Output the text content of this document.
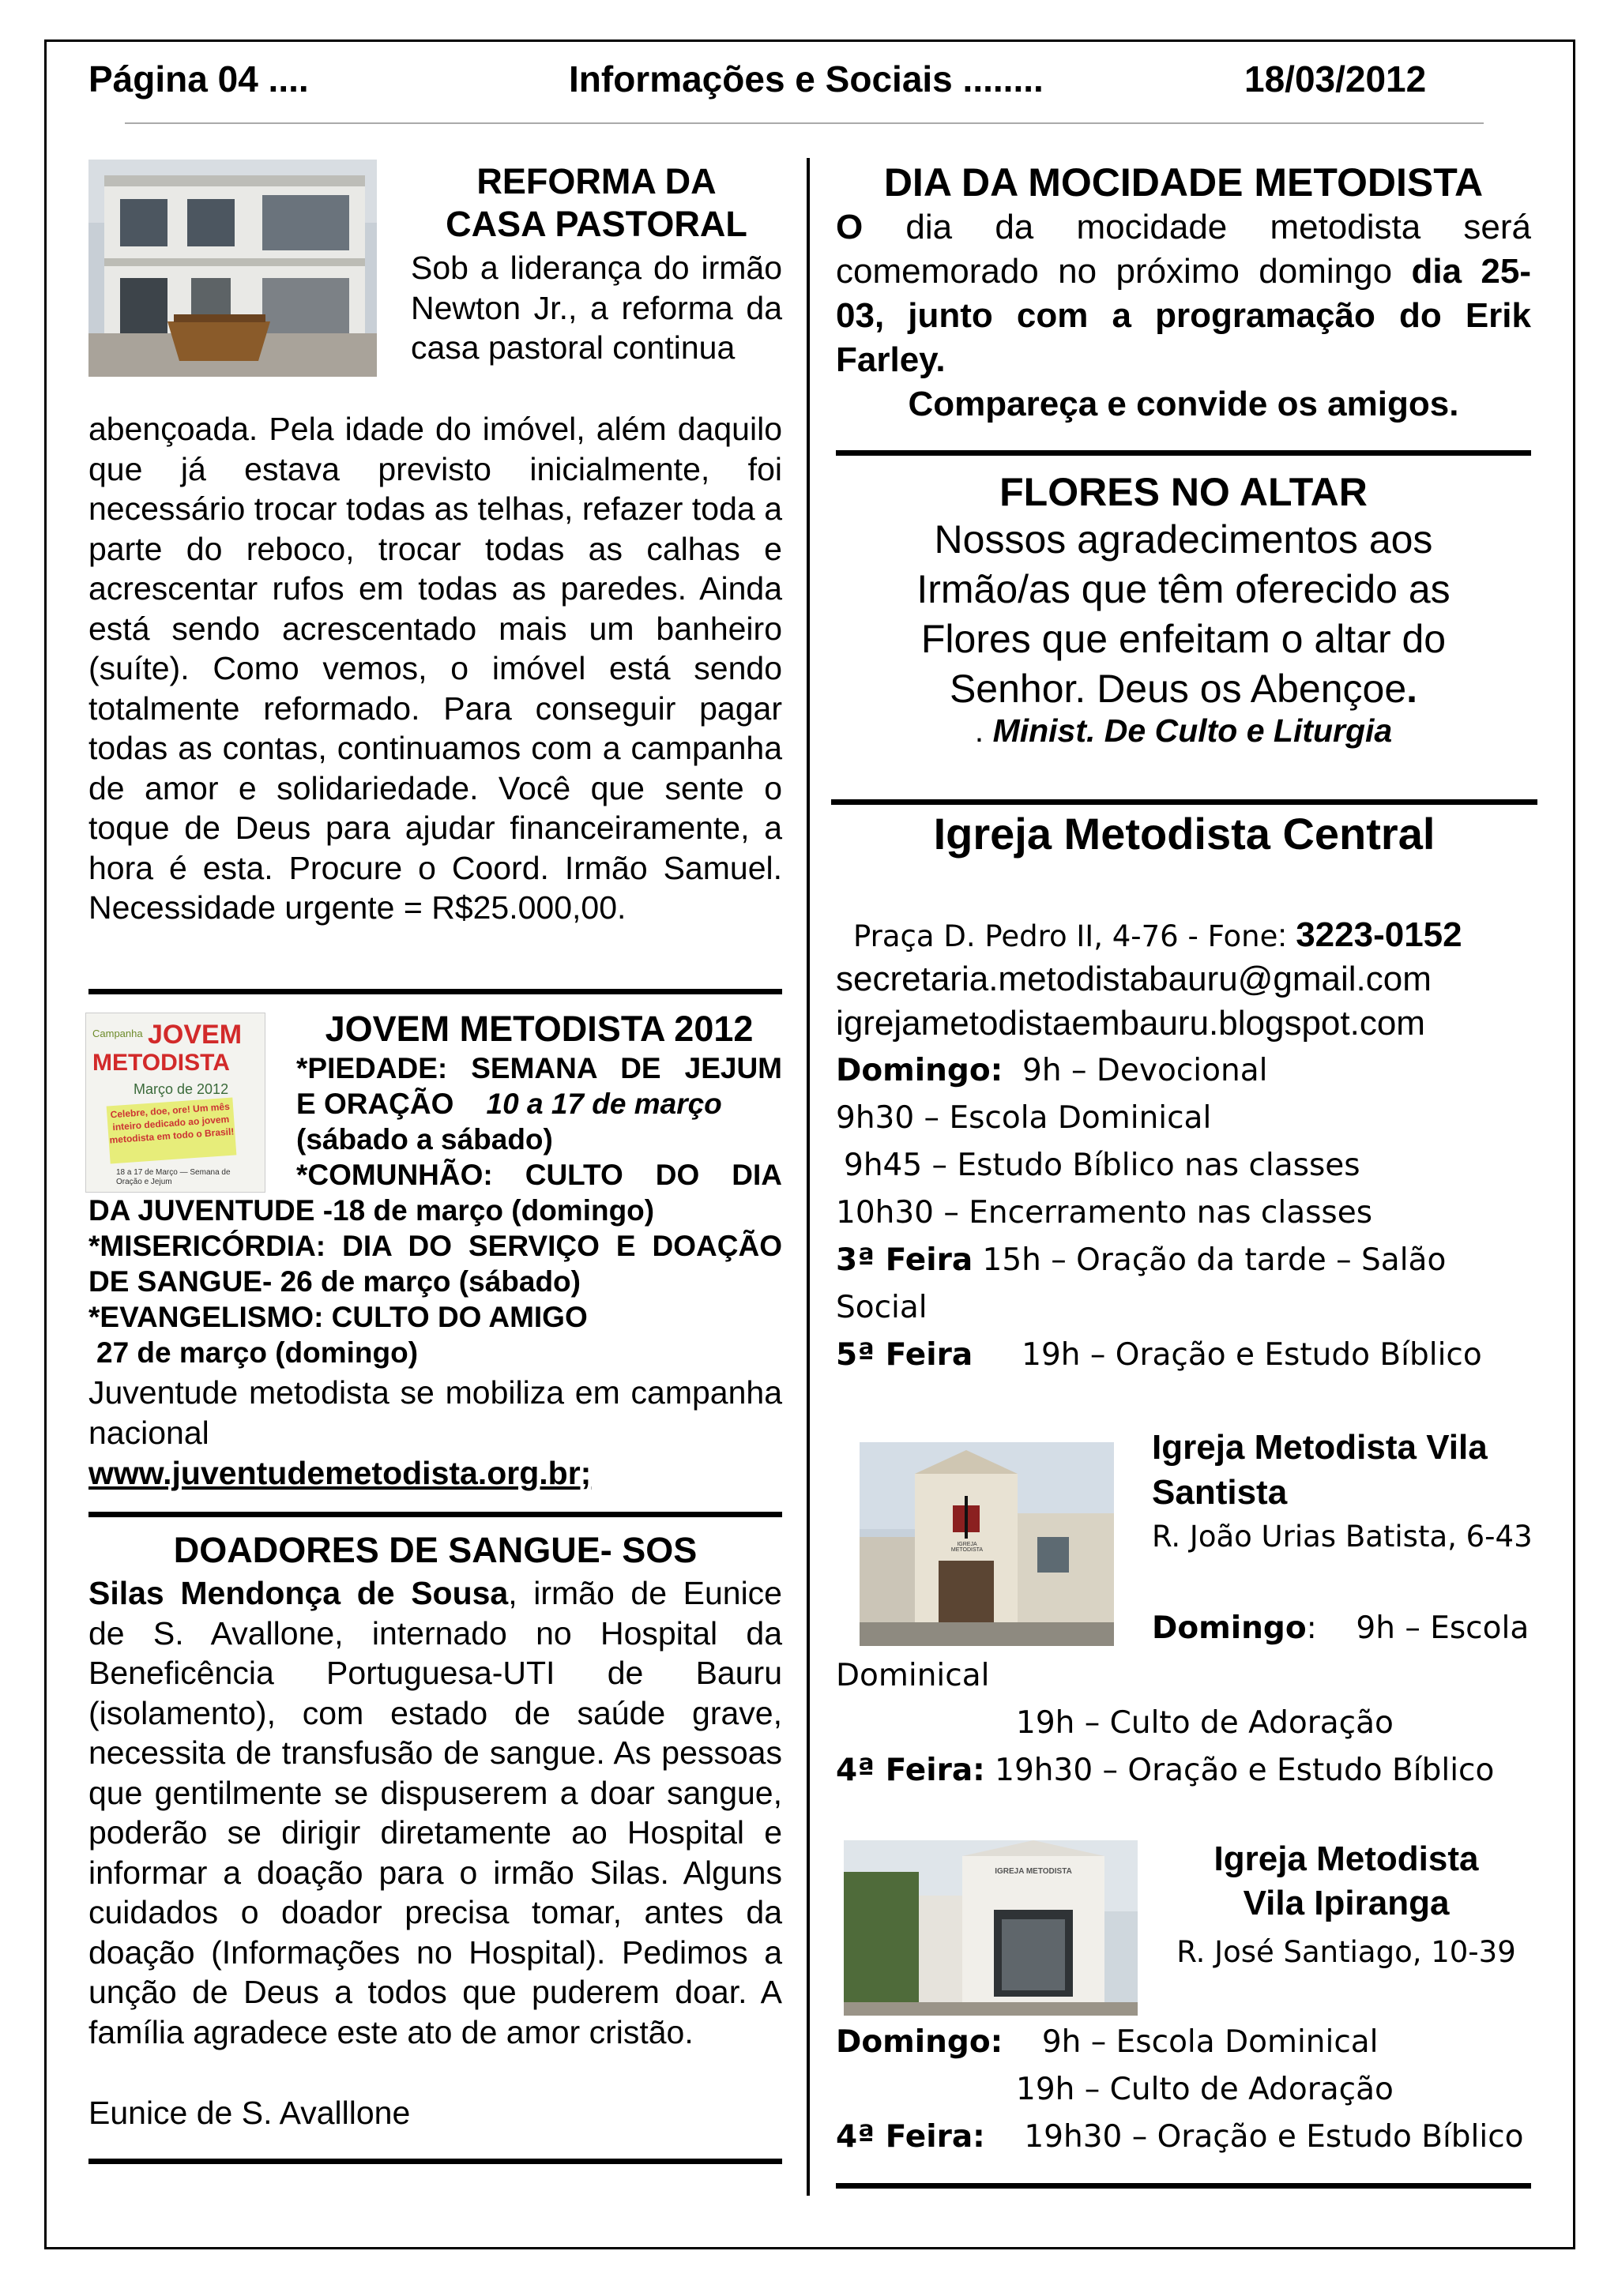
Página 04 ....	Informações e Sociais ........	18/03/2012
REFORMA DA
CASA PASTORAL
Sob a liderança do irmão Newton Jr., a reforma da casa pastoral continua
abençoada. Pela idade do imóvel, além daquilo que já estava previsto inicialmente, foi necessário trocar todas as telhas, refazer toda a parte do reboco, trocar todas as calhas e acrescentar rufos em todas as paredes. Ainda está sendo acrescentado mais um banheiro (suíte). Como vemos, o imóvel está sendo totalmente reformado. Para conseguir pagar todas as contas, continuamos com a campanha de amor e solidariedade. Você que sente o toque de Deus para ajudar financeiramente, a hora é esta. Procure o Coord. Irmão Samuel. Necessidade urgente = R$25.000,00.
Campanha JOVEM
METODISTA
Março de 2012
Celebre, doe, ore! Um mês inteiro dedicado ao jovem metodista em todo o Brasil!
18 a 17 de Março — Semana de Oração e Jejum
JOVEM METODISTA 2012
*PIEDADE: SEMANA DE JEJUM
E ORAÇÃO 10 a 17 de março
(sábado a sábado)
*COMUNHÃO: CULTO DO DIA
DA JUVENTUDE -18 de março (domingo)
*MISERICÓRDIA: DIA DO SERVIÇO E DOAÇÃO DE SANGUE- 26 de março (sábado)
*EVANGELISMO: CULTO DO AMIGO
27 de março (domingo)
Juventude metodista se mobiliza em campanha nacional
www.juventudemetodista.org.br;
DOADORES DE SANGUE- SOS
Silas Mendonça de Sousa, irmão de Eunice de S. Avallone, internado no Hospital da Beneficência Portuguesa-UTI de Bauru (isolamento), com estado de saúde grave, necessita de transfusão de sangue. As pessoas que gentilmente se dispuserem a doar sangue, poderão se dirigir diretamente ao Hospital e informar a doação para o irmão Silas. Alguns cuidados o doador precisa tomar, antes da doação (Informações no Hospital). Pedimos a unção de Deus a todos que puderem doar. A família agradece este ato de amor cristão.
Eunice de S. Avalllone
DIA DA MOCIDADE METODISTA
O dia da mocidade metodista será comemorado no próximo domingo dia 25-03, junto com a programação do Erik Farley.
Compareça e convide os amigos.
FLORES NO ALTAR
Nossos agradecimentos aos
Irmão/as que têm oferecido as
Flores que enfeitam o altar do
Senhor. Deus os Abençoe.
. Minist. De Culto e Liturgia
Igreja Metodista Central
Praça D. Pedro II, 4-76 - Fone: 3223-0152
secretaria.metodistabauru@gmail.com
igrejametodistaembauru.blogspot.com
Domingo: 9h – Devocional
9h30 – Escola Dominical
9h45 – Estudo Bíblico nas classes
10h30 – Encerramento nas classes
3ª Feira 15h – Oração da tarde – Salão
Social
5ª Feira 19h – Oração e Estudo Bíblico
IGREJA METODISTA
Igreja Metodista Vila
Santista
R. João Urias Batista, 6-43
Domingo: 9h – Escola
Dominical
19h – Culto de Adoração
4ª Feira: 19h30 – Oração e Estudo Bíblico
IGREJA METODISTA	Igreja Metodista
Vila Ipiranga
R. José Santiago, 10-39
Domingo: 9h – Escola Dominical
19h – Culto de Adoração
4ª Feira: 19h30 – Oração e Estudo Bíblico
